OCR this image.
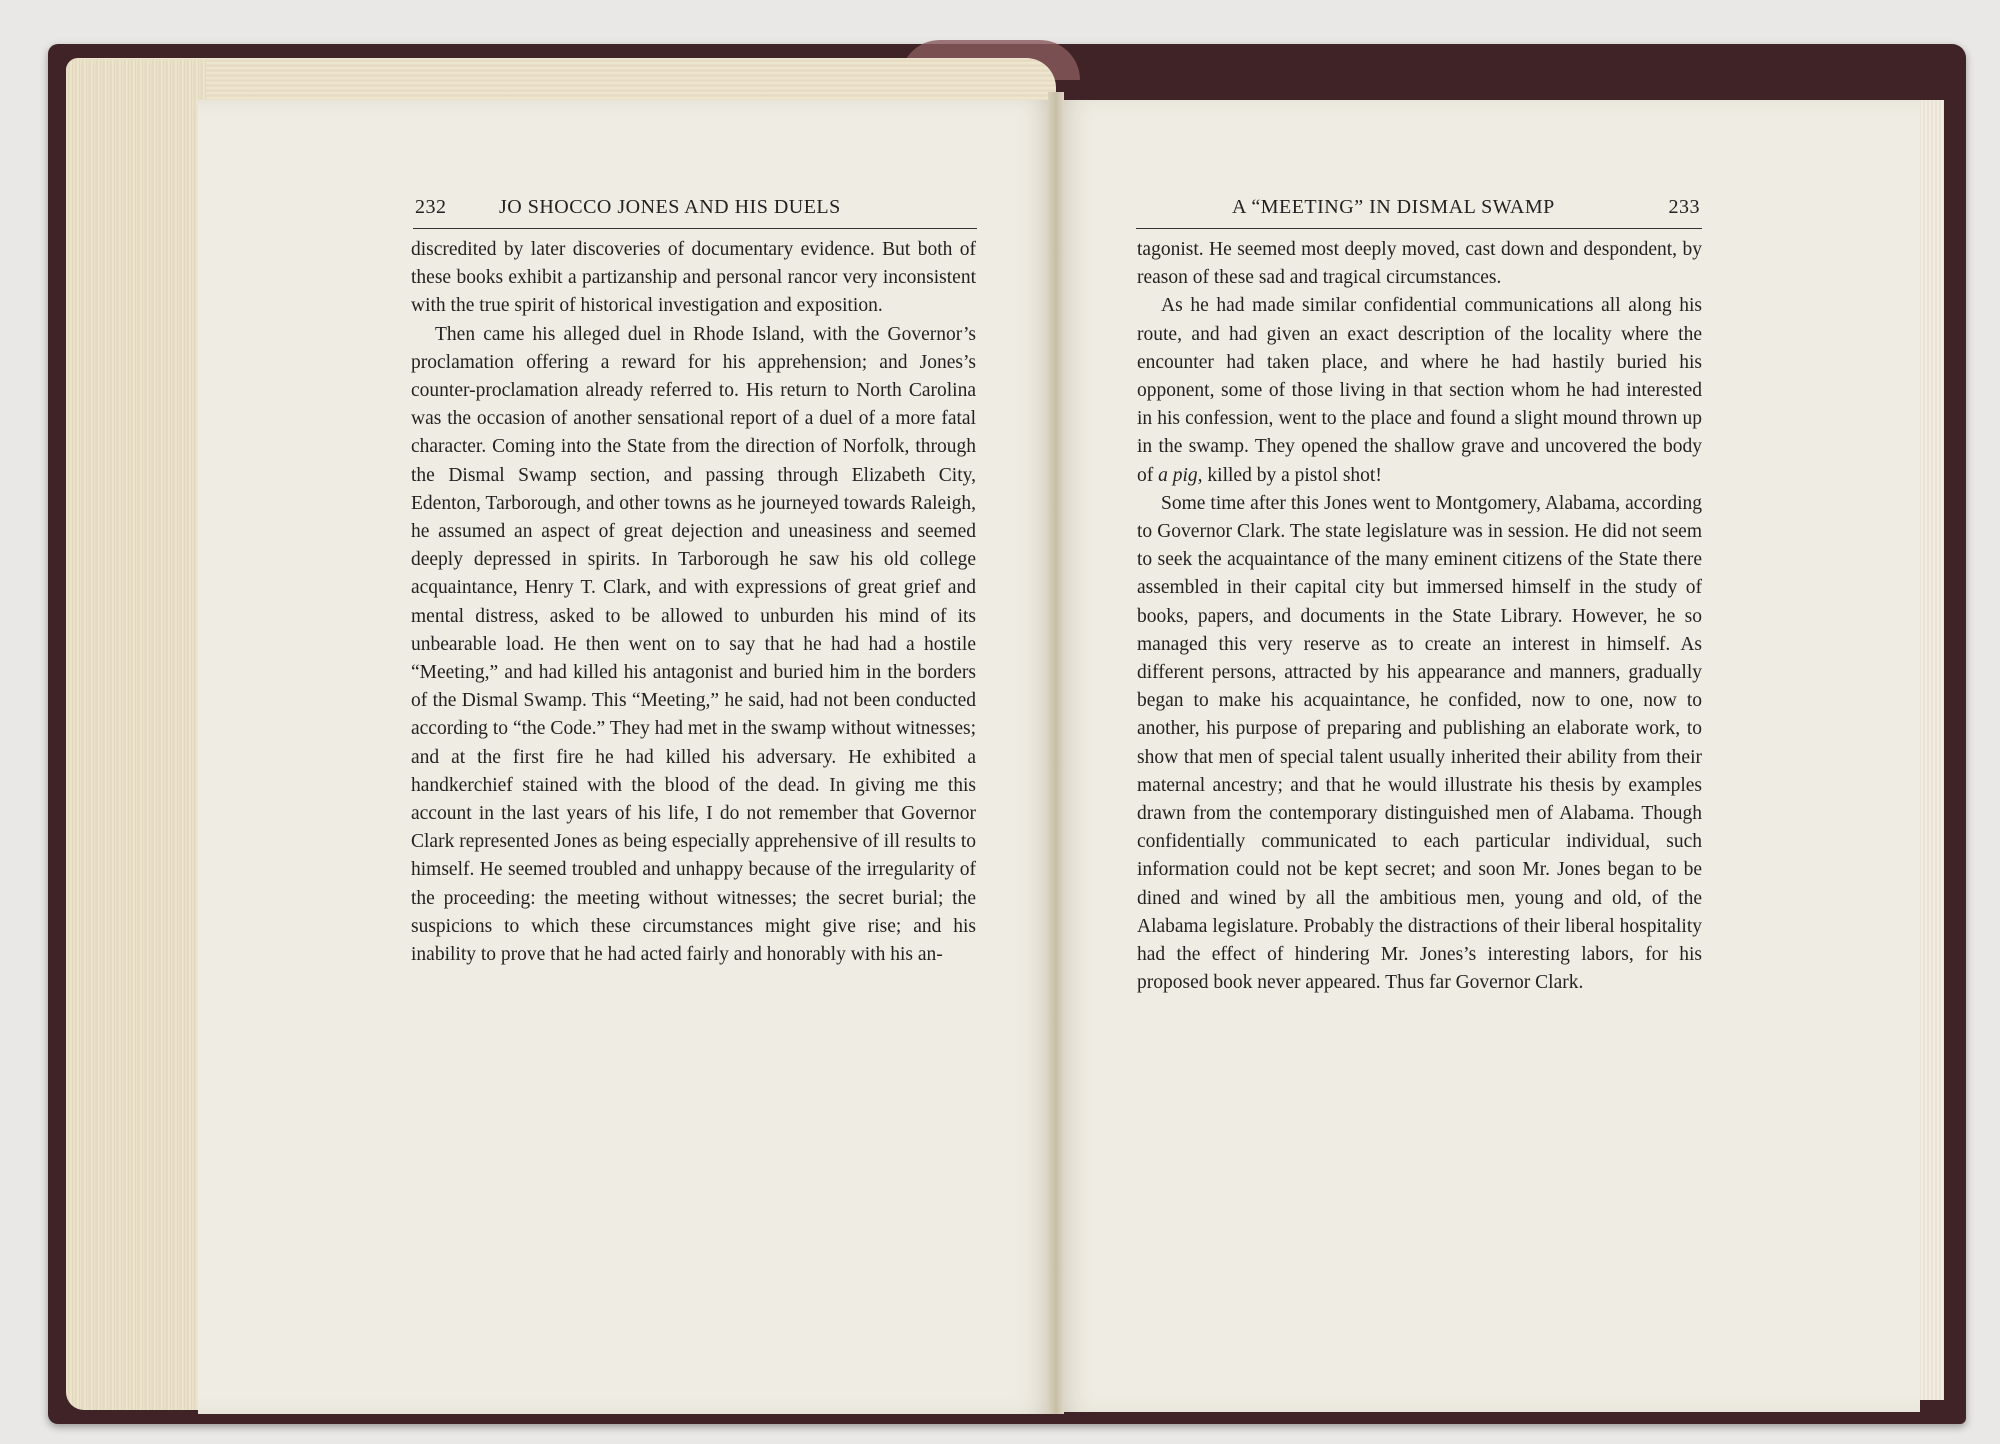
232	JO SHOCCO JONES AND HIS DUELS	A “MEETING” IN DISMAL SWAMP	233

discredited by later discoveries of documentary evidence. But both of these books exhibit a partizanship and personal rancor very inconsistent with the true spirit of historical investigation and exposition.

Then came his alleged duel in Rhode Island, with the Governor’s proclamation offering a reward for his apprehension; and Jones’s counter-proclamation already referred to. His return to North Carolina was the occasion of another sensational report of a duel of a more fatal character. Coming into the State from the direction of Norfolk, through the Dismal Swamp section, and passing through Elizabeth City, Edenton, Tarborough, and other towns as he journeyed towards Raleigh, he assumed an aspect of great dejection and uneasiness and seemed deeply depressed in spirits. In Tarborough he saw his old college acquaintance, Henry T. Clark, and with expressions of great grief and mental distress, asked to be allowed to unburden his mind of its unbearable load. He then went on to say that he had had a hostile “Meeting,” and had killed his antagonist and buried him in the borders of the Dismal Swamp. This “Meeting,” he said, had not been conducted according to “the Code.” They had met in the swamp without witnesses; and at the first fire he had killed his adversary. He exhibited a handkerchief stained with the blood of the dead. In giving me this account in the last years of his life, I do not remember that Governor Clark represented Jones as being especially apprehensive of ill results to himself. He seemed troubled and unhappy because of the irregularity of the proceeding: the meeting without witnesses; the secret burial; the suspicions to which these circumstances might give rise; and his inability to prove that he had acted fairly and honorably with his an-

tagonist. He seemed most deeply moved, cast down and despondent, by reason of these sad and tragical circumstances.

As he had made similar confidential communications all along his route, and had given an exact description of the locality where the encounter had taken place, and where he had hastily buried his opponent, some of those living in that section whom he had interested in his confession, went to the place and found a slight mound thrown up in the swamp. They opened the shallow grave and uncovered the body of a pig, killed by a pistol shot!

Some time after this Jones went to Montgomery, Alabama, according to Governor Clark. The state legislature was in session. He did not seem to seek the acquaintance of the many eminent citizens of the State there assembled in their capital city but immersed himself in the study of books, papers, and documents in the State Library. However, he so managed this very reserve as to create an interest in himself. As different persons, attracted by his appearance and manners, gradually began to make his acquaintance, he confided, now to one, now to another, his purpose of preparing and publishing an elaborate work, to show that men of special talent usually inherited their ability from their maternal ancestry; and that he would illustrate his thesis by examples drawn from the contemporary distinguished men of Alabama. Though confidentially communicated to each particular individual, such information could not be kept secret; and soon Mr. Jones began to be dined and wined by all the ambitious men, young and old, of the Alabama legislature. Probably the distractions of their liberal hospitality had the effect of hindering Mr. Jones’s interesting labors, for his proposed book never appeared. Thus far Governor Clark.
